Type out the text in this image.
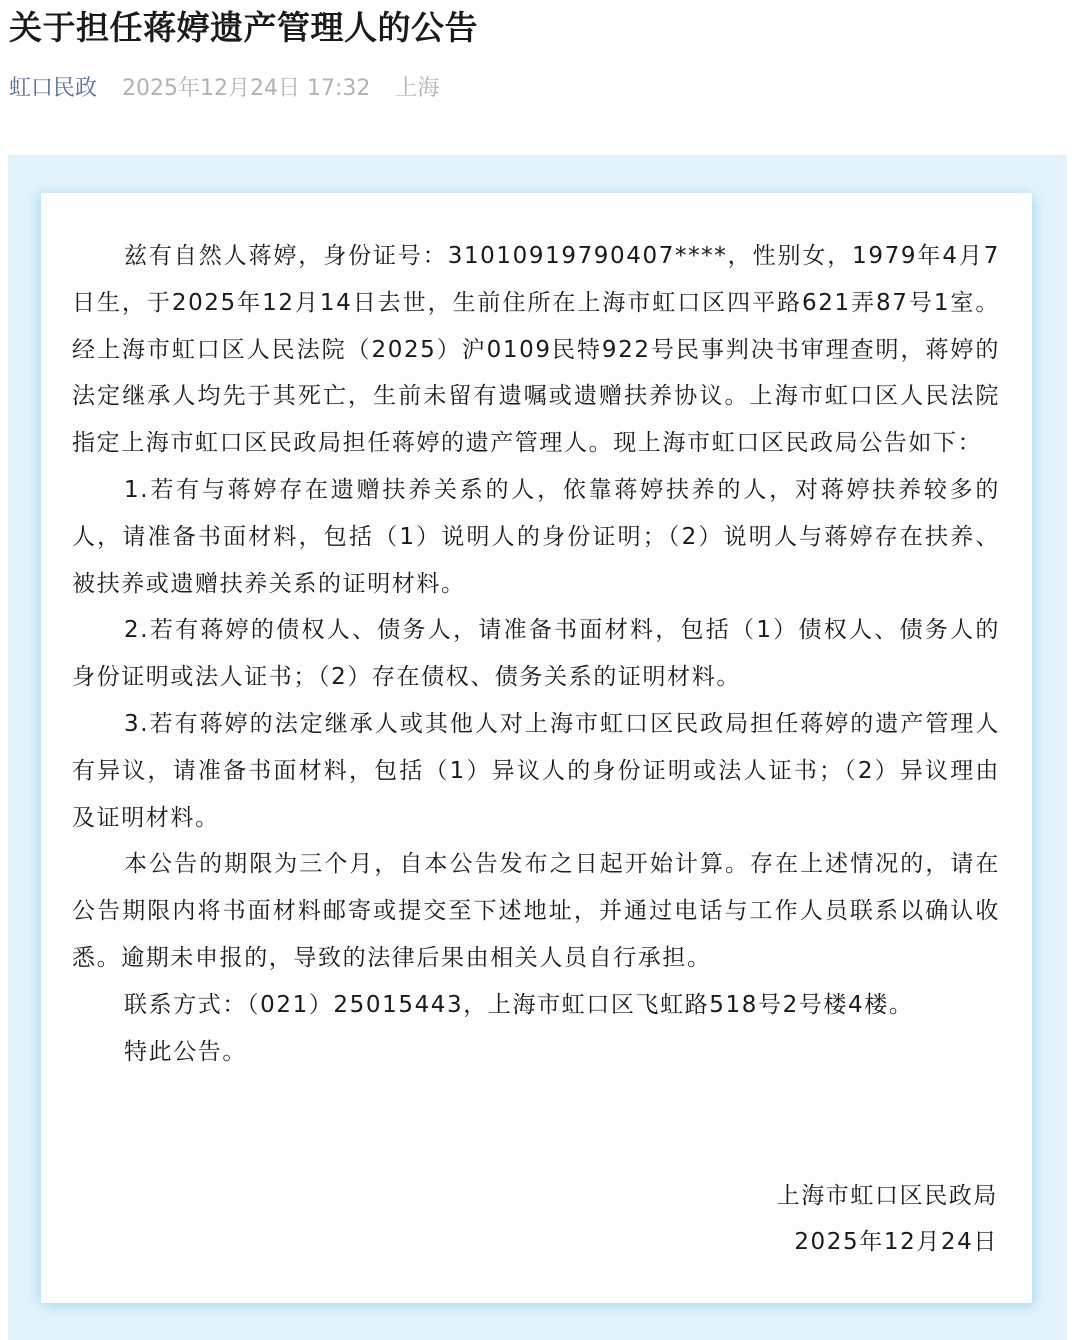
关于担任蒋婷遗产管理人的公告
虹口民政 2025年12月24日 17:32 上海

兹有自然人蒋婷，身份证号：31010919790407****，性别女，1979年4月7日生，于2025年12月14日去世，生前住所在上海市虹口区四平路621弄87号1室。经上海市虹口区人民法院（2025）沪0109民特922号民事判决书审理查明，蒋婷的法定继承人均先于其死亡，生前未留有遗嘱或遗赠扶养协议。上海市虹口区人民法院指定上海市虹口区民政局担任蒋婷的遗产管理人。现上海市虹口区民政局公告如下：

1.若有与蒋婷存在遗赠扶养关系的人，依靠蒋婷扶养的人，对蒋婷扶养较多的人，请准备书面材料，包括（1）说明人的身份证明；（2）说明人与蒋婷存在扶养、被扶养或遗赠扶养关系的证明材料。

2.若有蒋婷的债权人、债务人，请准备书面材料，包括（1）债权人、债务人的身份证明或法人证书；（2）存在债权、债务关系的证明材料。

3.若有蒋婷的法定继承人或其他人对上海市虹口区民政局担任蒋婷的遗产管理人有异议，请准备书面材料，包括（1）异议人的身份证明或法人证书；（2）异议理由及证明材料。

本公告的期限为三个月，自本公告发布之日起开始计算。存在上述情况的，请在公告期限内将书面材料邮寄或提交至下述地址，并通过电话与工作人员联系以确认收悉。逾期未申报的，导致的法律后果由相关人员自行承担。

联系方式：（021）25015443，上海市虹口区飞虹路518号2号楼4楼。

特此公告。

上海市虹口区民政局
2025年12月24日
